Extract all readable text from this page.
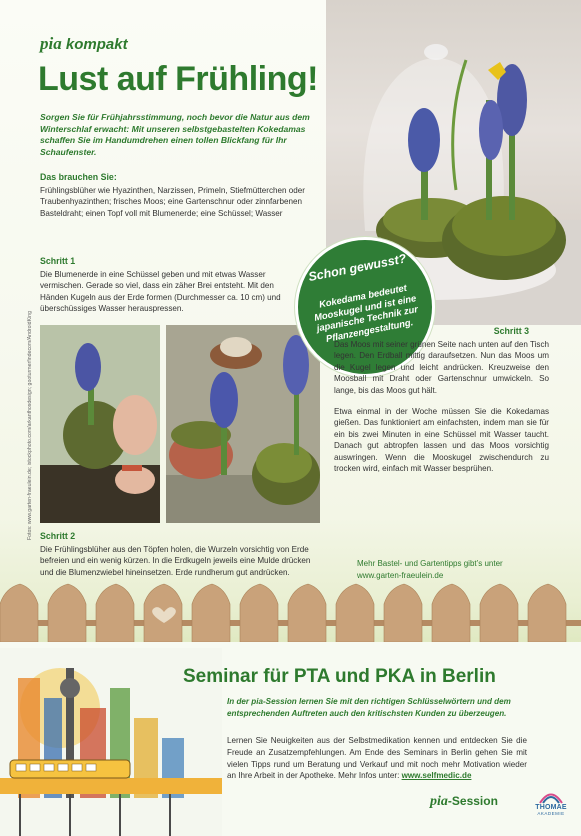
pia kompakt
Lust auf Frühling!
Sorgen Sie für Frühjahrsstimmung, noch bevor die Natur aus dem Winterschlaf erwacht: Mit unseren selbstgebastelten Kokedamas schaffen Sie im Handumdrehen einen tollen Blickfang für Ihr Schaufenster.
Das brauchen Sie:
Frühlingsblüher wie Hyazinthen, Narzissen, Primeln, Stiefmütterchen oder Traubenhyazinthen; frisches Moos; eine Gartenschnur oder zinnfarbenen Basteldraht; einen Topf voll mit Blumenerde; eine Schüssel; Wasser
Schritt 1
Die Blumenerde in eine Schüssel geben und mit etwas Wasser vermischen. Gerade so viel, dass ein zäher Brei entsteht. Mit den Händen Kugeln aus der Erde formen (Durchmesser ca. 10 cm) und überschüssiges Wasser herauspressen.
Fotos: www.garten-fraeulein.de; istockphoto.com/arkanthosdesign; gooturmerfindecom/AndroidKing
Schon gewusst?
Kokedama bedeutet Mooskugel und ist eine japanische Technik zur Pflanzengestaltung.	Schritt 3
Das Moos mit seiner grünen Seite nach unten auf den Tisch legen. Den Erdball mittig daraufsetzen. Nun das Moos um die Kugel legen und leicht andrücken. Kreuzweise den Moosball mit Draht oder Gartenschnur umwickeln. So lange, bis das Moos gut hält.
Etwa einmal in der Woche müssen Sie die Kokedamas gießen. Das funktioniert am einfachsten, indem man sie für ein bis zwei Minuten in eine Schüssel mit Wasser taucht. Danach gut abtropfen lassen und das Moos vorsichtig auswringen. Wenn die Mooskugel zwischendurch zu trocken wird, einfach mit Wasser besprühen.
Schritt 2
Die Frühlingsblüher aus den Töpfen holen, die Wurzeln vorsichtig von Erde befreien und ein wenig kürzen. In die Erdkugeln jeweils eine Mulde drücken und die Blumenzwiebel hineinsetzen. Erde rundherum gut andrücken.
Mehr Bastel- und Gartentipps gibt’s unter
www.garten-fraeulein.de
Seminar für PTA und PKA in Berlin
In der pia-Session lernen Sie mit den richtigen Schlüsselwörtern und dem entsprechenden Auftreten auch den kritischsten Kunden zu überzeugen.
Lernen Sie Neuigkeiten aus der Selbstmedikation kennen und entdecken Sie die Freude an Zusatzempfehlungen. Am Ende des Seminars in Berlin gehen Sie mit vielen Tipps rund um Beratung und Verkauf und mit noch mehr Motivation wieder an Ihre Arbeit in der Apotheke. Mehr Infos unter: www.selfmedic.de
pia-Session	THOMAE
AKADEMIE
